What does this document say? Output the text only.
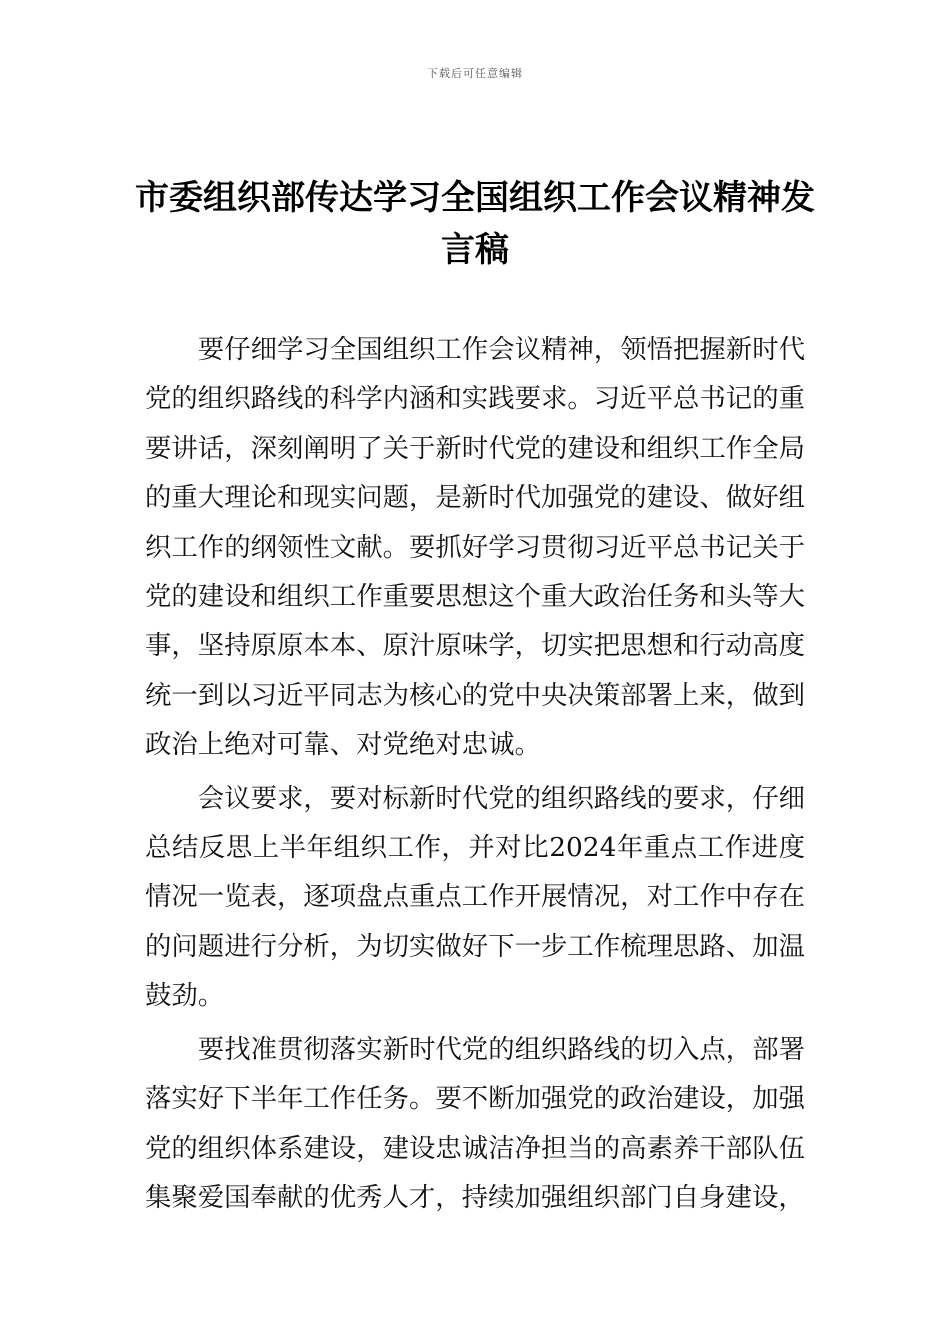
下载后可任意编辑
市委组织部传达学习全国组织工作会议精神发言稿

要仔细学习全国组织工作会议精神，领悟把握新时代党的组织路线的科学内涵和实践要求。习近平总书记的重要讲话，深刻阐明了关于新时代党的建设和组织工作全局的重大理论和现实问题，是新时代加强党的建设、做好组织工作的纲领性文献。要抓好学习贯彻习近平总书记关于党的建设和组织工作重要思想这个重大政治任务和头等大事，坚持原原本本、原汁原味学，切实把思想和行动高度统一到以习近平同志为核心的党中央决策部署上来，做到政治上绝对可靠、对党绝对忠诚。

会议要求，要对标新时代党的组织路线的要求，仔细总结反思上半年组织工作，并对比2024年重点工作进度情况一览表，逐项盘点重点工作开展情况，对工作中存在的问题进行分析，为切实做好下一步工作梳理思路、加温鼓劲。

要找准贯彻落实新时代党的组织路线的切入点，部署落实好下半年工作任务。要不断加强党的政治建设，加强党的组织体系建设，建设忠诚洁净担当的高素养干部队伍集聚爱国奉献的优秀人才，持续加强组织部门自身建设，
